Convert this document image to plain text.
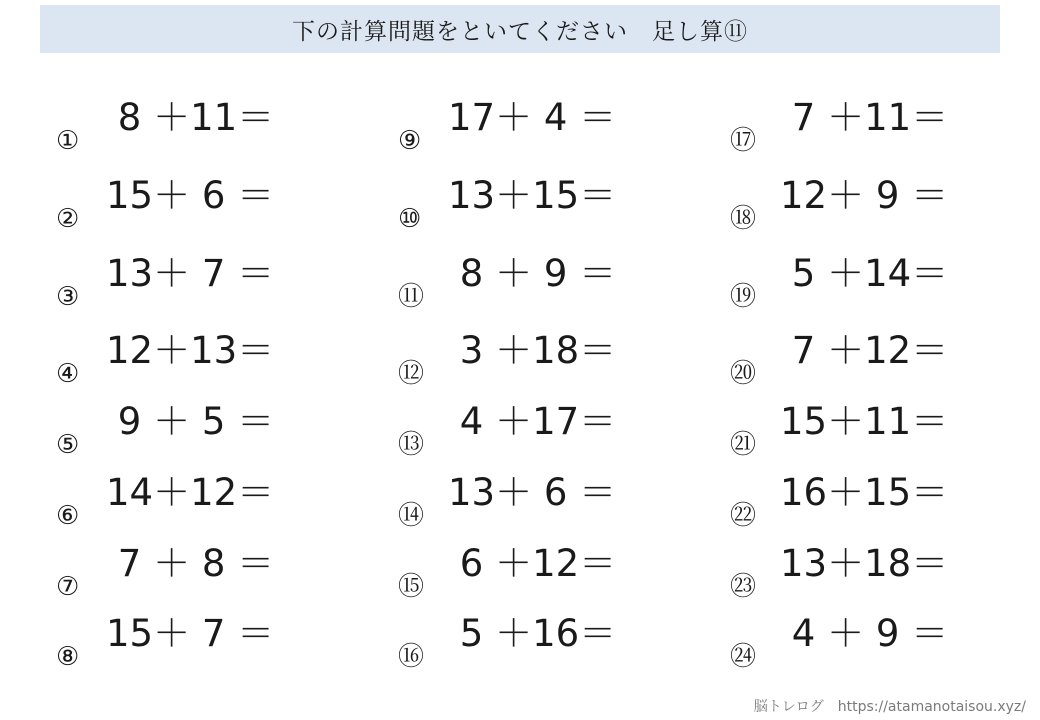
下の計算問題をといてください　足し算⑪
①
8 ＋11＝
②
15＋ 6 ＝
③
13＋ 7 ＝
④
12＋13＝
⑤
9 ＋ 5 ＝
⑥
14＋12＝
⑦
7 ＋ 8 ＝
⑧
15＋ 7 ＝
⑨
17＋ 4 ＝
⑩
13＋15＝
⑪
8 ＋ 9 ＝
⑫
3 ＋18＝
⑬
4 ＋17＝
⑭
13＋ 6 ＝
⑮
6 ＋12＝
⑯
5 ＋16＝
⑰
7 ＋11＝
⑱
12＋ 9 ＝
⑲
5 ＋14＝
⑳
7 ＋12＝
㉑
15＋11＝
㉒
16＋15＝
㉓
13＋18＝
㉔
4 ＋ 9 ＝
脳トレログ　https://atamanotaisou.xyz/
